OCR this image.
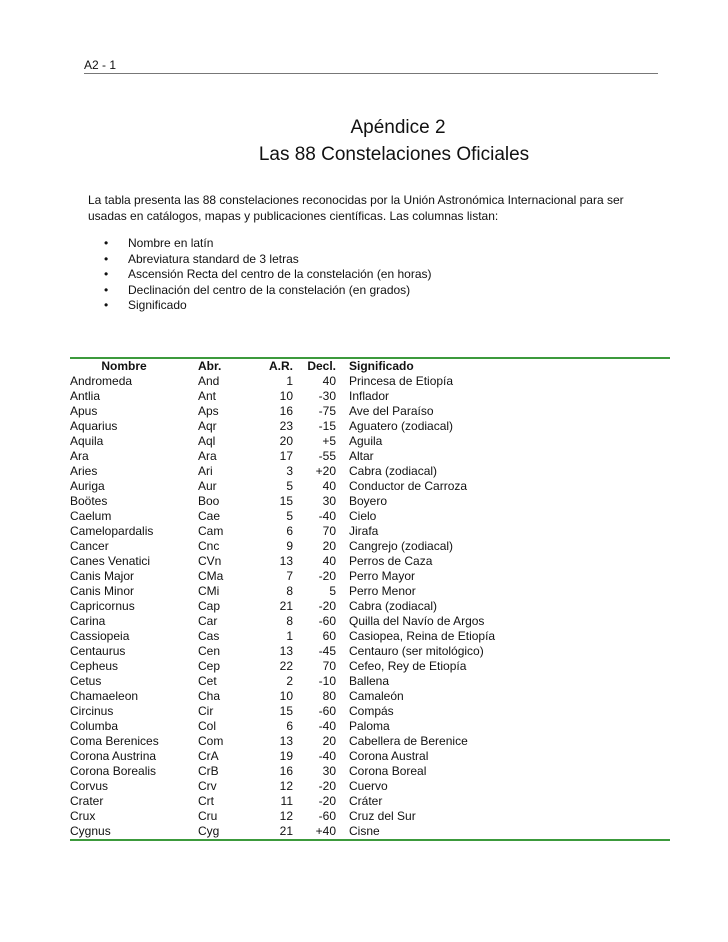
A2 - 1
Apéndice 2
Las 88 Constelaciones Oficiales
La tabla presenta las 88 constelaciones reconocidas por la Unión Astronómica Internacional para ser usadas en catálogos, mapas y publicaciones científicas. Las columnas listan:
• Nombre en latín
• Abreviatura standard de 3 letras
• Ascensión Recta del centro de la constelación (en horas)
• Declinación del centro de la constelación (en grados)
• Significado
Nombre	Abr.	A.R.	Decl.	Significado
Andromeda	And	1	40	Princesa de Etiopía
Antlia	Ant	10	-30	Inflador
Apus	Aps	16	-75	Ave del Paraíso
Aquarius	Aqr	23	-15	Aguatero (zodiacal)
Aquila	Aql	20	+5	Aguila
Ara	Ara	17	-55	Altar
Aries	Ari	3	+20	Cabra (zodiacal)
Auriga	Aur	5	40	Conductor de Carroza
Boötes	Boo	15	30	Boyero
Caelum	Cae	5	-40	Cielo
Camelopardalis	Cam	6	70	Jirafa
Cancer	Cnc	9	20	Cangrejo (zodiacal)
Canes Venatici	CVn	13	40	Perros de Caza
Canis Major	CMa	7	-20	Perro Mayor
Canis Minor	CMi	8	5	Perro Menor
Capricornus	Cap	21	-20	Cabra (zodiacal)
Carina	Car	8	-60	Quilla del Navío de Argos
Cassiopeia	Cas	1	60	Casiopea, Reina de Etiopía
Centaurus	Cen	13	-45	Centauro (ser mitológico)
Cepheus	Cep	22	70	Cefeo, Rey de Etiopía
Cetus	Cet	2	-10	Ballena
Chamaeleon	Cha	10	80	Camaleón
Circinus	Cir	15	-60	Compás
Columba	Col	6	-40	Paloma
Coma Berenices	Com	13	20	Cabellera de Berenice
Corona Austrina	CrA	19	-40	Corona Austral
Corona Borealis	CrB	16	30	Corona Boreal
Corvus	Crv	12	-20	Cuervo
Crater	Crt	11	-20	Cráter
Crux	Cru	12	-60	Cruz del Sur
Cygnus	Cyg	21	+40	Cisne
